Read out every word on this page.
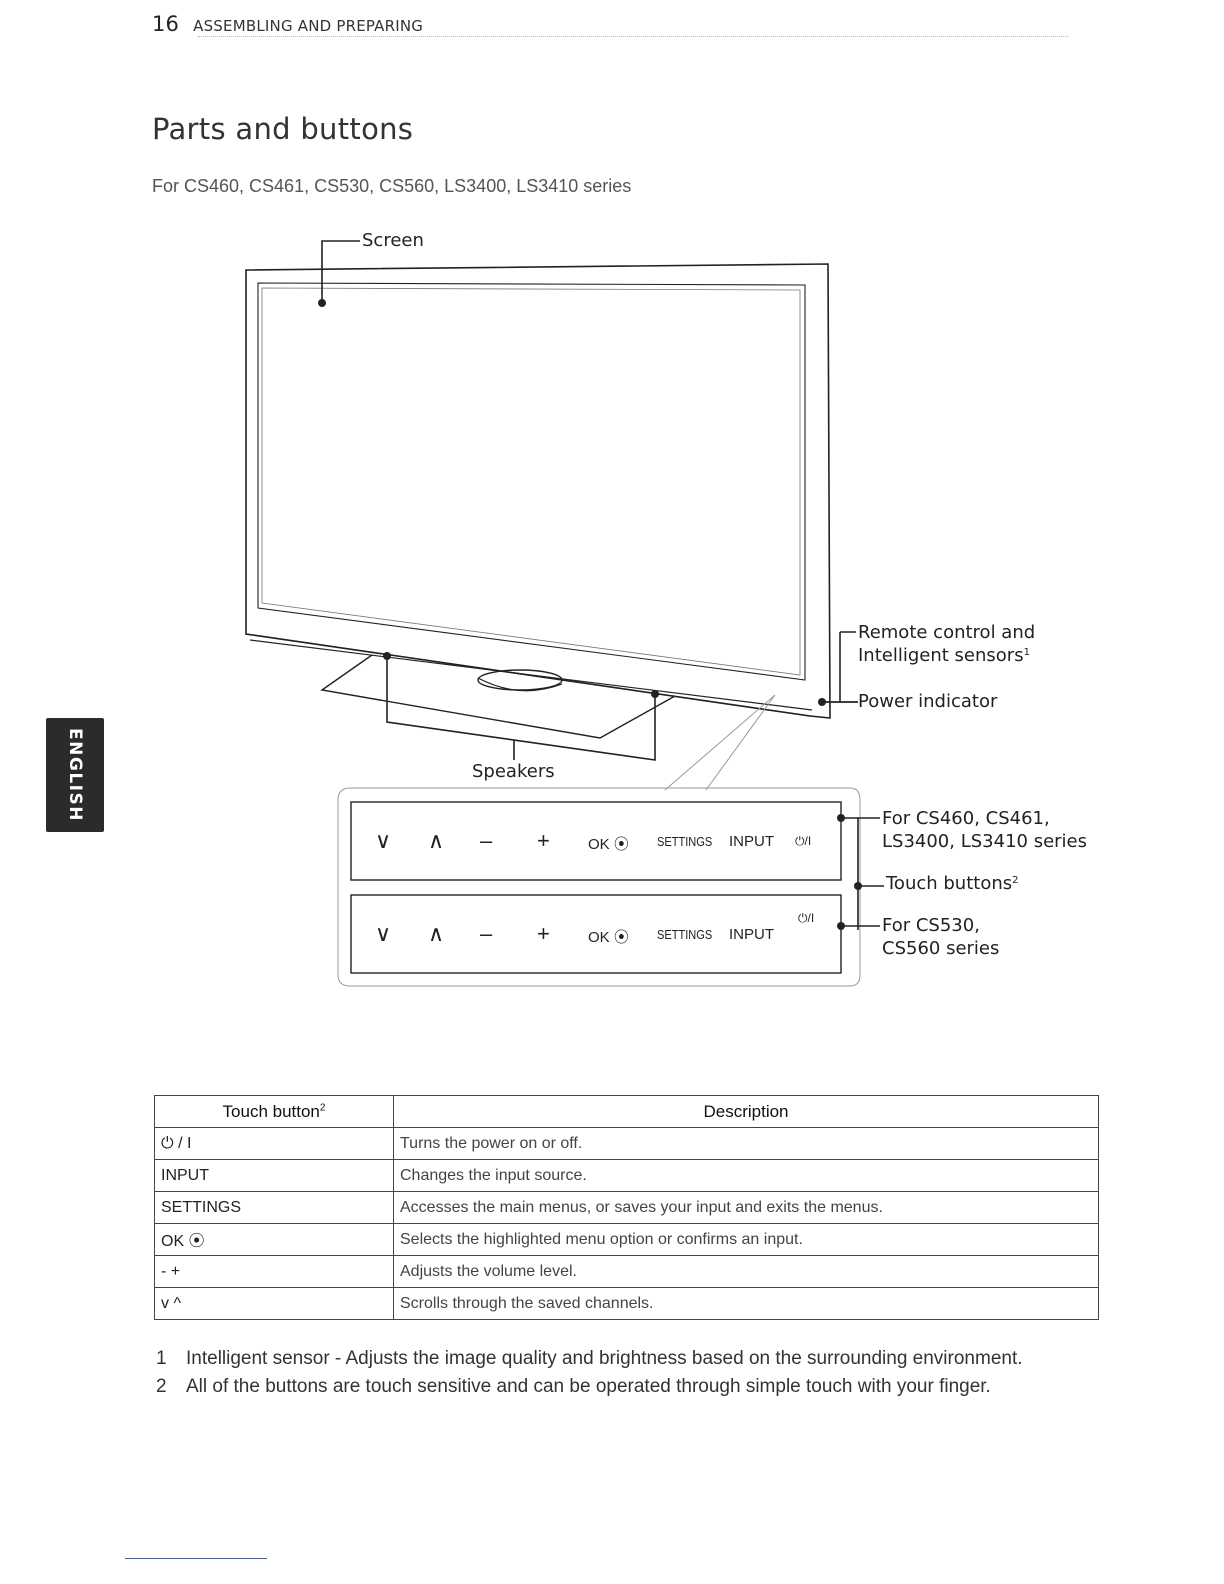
16 ASSEMBLING AND PREPARING
Parts and buttons
For CS460, CS461, CS530, CS560, LS3400, LS3410 series
ENGLISH
Screen
Remote control and
Intelligent sensors$^1$
Power indicator
Speakers
For CS460, CS461,
LS3400, LS3410 series
Touch buttons$^2$
For CS530,
CS560 series
∨ ∧ – +	OK ⦿ SETTINGS INPUT ⏻/I
∨ ∧ – +	OK ⦿ SETTINGS INPUT
⏻/I
Touch button$^2$	Description
⏻ / I	Turns the power on or off.
INPUT	Changes the input source.
SETTINGS	Accesses the main menus, or saves your input and exits the menus.
OK ⦿	Selects the highlighted menu option or confirms an input.
- +	Adjusts the volume level.
v ^	Scrolls through the saved channels.
1	Intelligent sensor - Adjusts the image quality and brightness based on the surrounding environment.
2	All of the buttons are touch sensitive and can be operated through simple touch with your finger.
